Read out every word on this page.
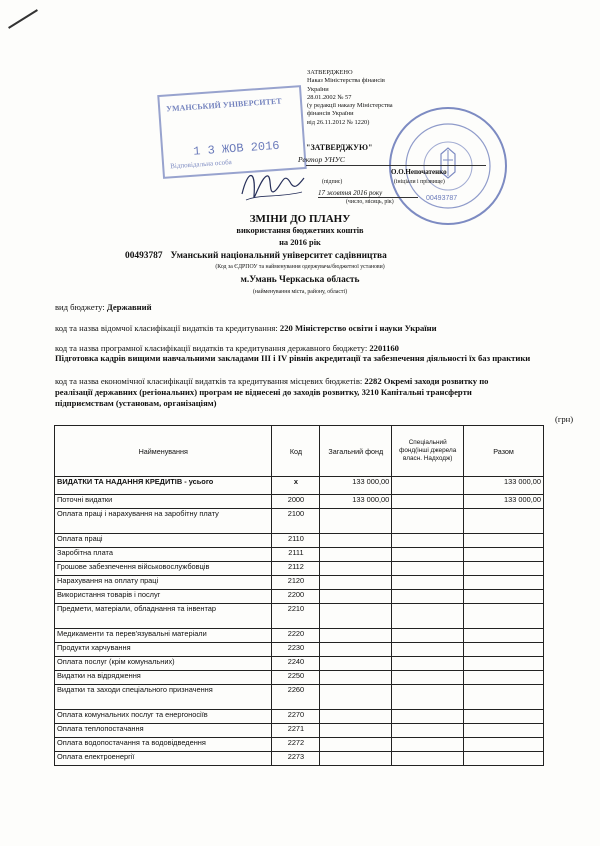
ЗАТВЕРДЖЕНО
Наказ Міністерства фінансів
України
28.01.2002 № 57
(у редакції наказу Міністерства
фінансів України
від 26.11.2012 № 1220)
УМАНСЬКИЙ УНІВЕРСИТЕТ
1 3 ЖОВ 2016
Відповідальна особа
00493787
"ЗАТВЕРДЖУЮ"
Ректор УНУС
О.О.Непочатенко
(підпис)	(ініціали і прізвище)
17 жовтня 2016 року
(число, місяць, рік)
ЗМІНИ ДО ПЛАНУ
використання бюджетних коштів
на 2016 рік
00493787 Уманський національний університет садівництва
(Код за ЄДРПОУ та найменування одержувача/бюджетної установи)
м.Умань Черкаська область
(найменування міста, району, області)
вид бюджету: Державний
код та назва відомчої класифікації видатків та кредитування: 220 Міністерство освіти і науки України
код та назва програмної класифікації видатків та кредитування державного бюджету: 2201160
Підготовка кадрів вищими навчальними закладами ІІІ і IV рівнів акредитації та забезпечення діяльності їх баз практики
код та назва економічної класифікації видатків та кредитування місцевих бюджетів: 2282 Окремі заходи розвитку по реалізації державних (регіональних) програм не віднесені до заходів розвитку, 3210 Капітальні трансферти підприємствам (установам, організаціям)
(грн)
Найменування	Код	Загальний фонд	Спеціальний фонд(інші джерела власн. Надходж)	Разом
ВИДАТКИ ТА НАДАННЯ КРЕДИТІВ - усього	х	133 000,00		133 000,00
Поточні видатки	2000	133 000,00		133 000,00
Оплата праці і нарахування на заробітну плату	2100			
Оплата праці	2110			
Заробітна плата	2111			
Грошове забезпечення військовослужбовців	2112			
Нарахування на оплату праці	2120			
Використання товарів і послуг	2200			
Предмети, матеріали, обладнання та інвентар	2210			
Медикаменти та перев'язувальні матеріали	2220			
Продукти харчування	2230			
Оплата послуг (крім комунальних)	2240			
Видатки на відрядження	2250			
Видатки та заходи спеціального призначення	2260			
Оплата комунальних послуг та енергоносіїв	2270			
Оплата теплопостачання	2271			
Оплата водопостачання та водовідведення	2272			
Оплата електроенергії	2273			
